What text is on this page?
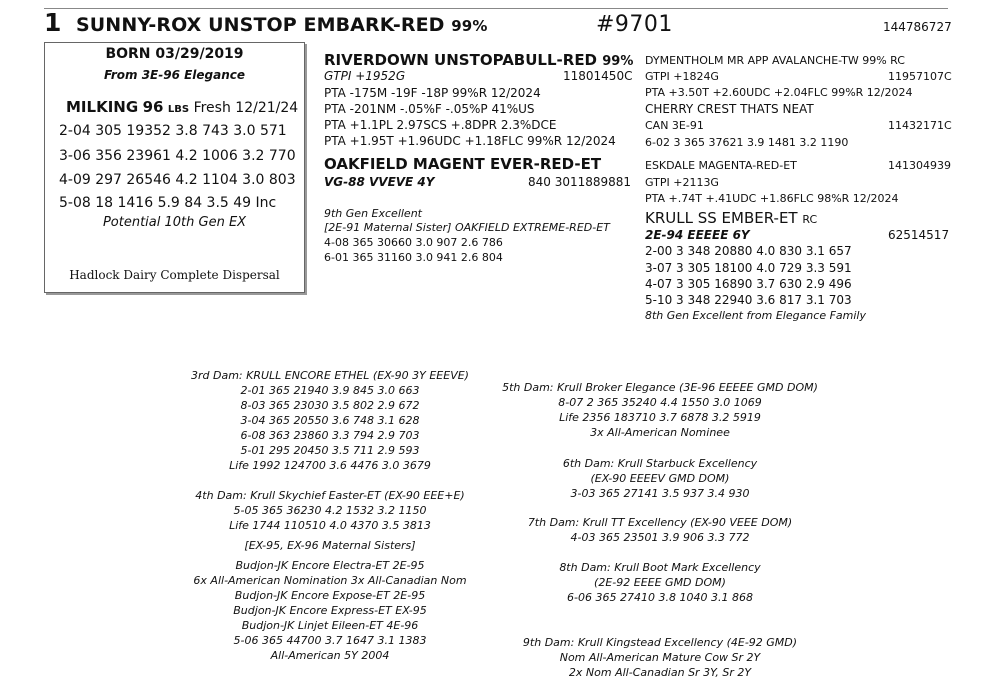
1 SUNNY-ROX UNSTOP EMBARK-RED 99%	#9701	144786727
BORN 03/29/2019
From 3E-96 Elegance
MILKING 96 LBS Fresh 12/21/24
2-04 305 19352 3.8 743 3.0 571
3-06 356 23961 4.2 1006 3.2 770
4-09 297 26546 4.2 1104 3.0 803
5-08 18 1416 5.9 84 3.5 49 Inc
Potential 10th Gen EX
Hadlock Dairy Complete Dispersal
RIVERDOWN UNSTOPABULL-RED 99%
GTPI +1952G	11801450C
PTA -175M -19F -18P 99%R 12/2024
PTA -201NM -.05%F -.05%P 41%US
PTA +1.1PL 2.97SCS +.8DPR 2.3%DCE
PTA +1.95T +1.96UDC +1.18FLC 99%R 12/2024
OAKFIELD MAGENT EVER-RED-ET
VG-88 VVEVE 4Y	840 3011889881
9th Gen Excellent
[2E-91 Maternal Sister] OAKFIELD EXTREME-RED-ET
4-08 365 30660 3.0 907 2.6 786
6-01 365 31160 3.0 941 2.6 804
DYMENTHOLM MR APP AVALANCHE-TW 99% RC
GTPI +1824G	11957107C
PTA +3.50T +2.60UDC +2.04FLC 99%R 12/2024
CHERRY CREST THATS NEAT
CAN 3E-91	11432171C
6-02 3 365 37621 3.9 1481 3.2 1190
ESKDALE MAGENTA-RED-ET	141304939
GTPI +2113G
PTA +.74T +.41UDC +1.86FLC 98%R 12/2024
KRULL SS EMBER-ET RC
2E-94 EEEEE 6Y	62514517
2-00 3 348 20880 4.0 830 3.1 657
3-07 3 305 18100 4.0 729 3.3 591
4-07 3 305 16890 3.7 630 2.9 496
5-10 3 348 22940 3.6 817 3.1 703
8th Gen Excellent from Elegance Family
3rd Dam: KRULL ENCORE ETHEL (EX-90 3Y EEEVE)
2-01 365 21940 3.9 845 3.0 663
8-03 365 23030 3.5 802 2.9 672
3-04 365 20550 3.6 748 3.1 628
6-08 363 23860 3.3 794 2.9 703
5-01 295 20450 3.5 711 2.9 593
Life 1992 124700 3.6 4476 3.0 3679
4th Dam: Krull Skychief Easter-ET (EX-90 EEE+E)
5-05 365 36230 4.2 1532 3.2 1150
Life 1744 110510 4.0 4370 3.5 3813
[EX-95, EX-96 Maternal Sisters]
Budjon-JK Encore Electra-ET 2E-95
6x All-American Nomination 3x All-Canadian Nom
Budjon-JK Encore Expose-ET 2E-95
Budjon-JK Encore Express-ET EX-95
Budjon-JK Linjet Eileen-ET 4E-96
5-06 365 44700 3.7 1647 3.1 1383
All-American 5Y 2004
5th Dam: Krull Broker Elegance (3E-96 EEEEE GMD DOM)
8-07 2 365 35240 4.4 1550 3.0 1069
Life 2356 183710 3.7 6878 3.2 5919
3x All-American Nominee
6th Dam: Krull Starbuck Excellency
(EX-90 EEEEV GMD DOM)
3-03 365 27141 3.5 937 3.4 930
7th Dam: Krull TT Excellency (EX-90 VEEE DOM)
4-03 365 23501 3.9 906 3.3 772
8th Dam: Krull Boot Mark Excellency
(2E-92 EEEE GMD DOM)
6-06 365 27410 3.8 1040 3.1 868
9th Dam: Krull Kingstead Excellency (4E-92 GMD)
Nom All-American Mature Cow Sr 2Y
2x Nom All-Canadian Sr 3Y, Sr 2Y
